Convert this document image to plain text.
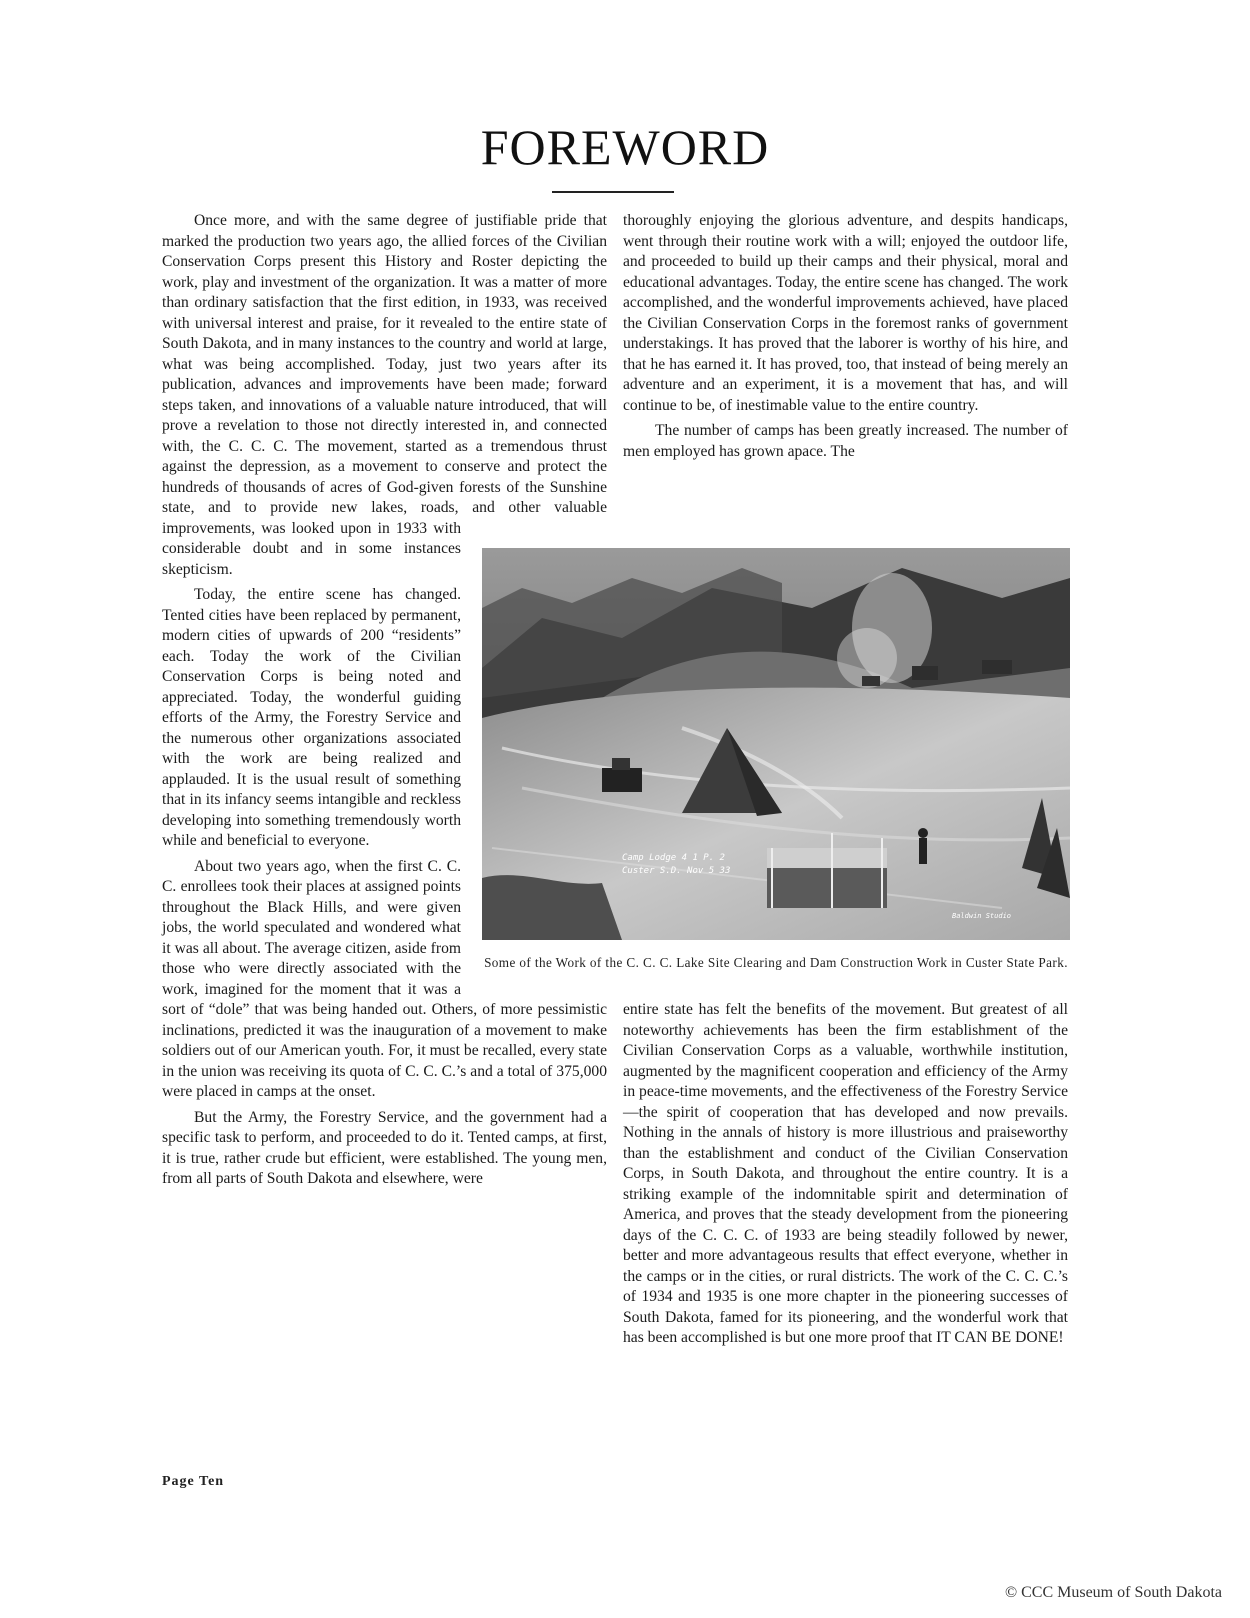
FOREWORD

Once more, and with the same degree of justifiable pride that marked the production two years ago, the allied forces of the Civilian Conservation Corps present this History and Roster depicting the work, play and investment of the organization. It was a matter of more than ordinary satisfaction that the first edition, in 1933, was received with universal interest and praise, for it revealed to the entire state of South Dakota, and in many instances to the country and world at large, what was being accomplished. Today, just two years after its publication, advances and improvements have been made; forward steps taken, and innovations of a valuable nature introduced, that will prove a revelation to those not directly interested in, and connected with, the C. C. C. The movement, started as a tremendous thrust against the depression, as a movement to conserve and protect the hundreds of thousands of acres of God-given forests of the Sunshine state, and to provide new lakes, roads, and other valuable improvements, was looked upon in 1933 with considerable doubt and in some instances skepticism.

Today, the entire scene has changed. Tented cities have been replaced by permanent, modern cities of upwards of 200 “residents” each. Today the work of the Civilian Conservation Corps is being noted and appreciated. Today, the wonderful guiding efforts of the Army, the Forestry Service and the numerous other organizations associated with the work are being realized and applauded. It is the usual result of something that in its infancy seems intangible and reckless developing into something tremendously worth while and beneficial to everyone.

About two years ago, when the first C. C. C. enrollees took their places at assigned points throughout the Black Hills, and were given jobs, the world speculated and wondered what it was all about. The average citizen, aside from those who were directly associated with the work, imagined for the moment that it was a sort of “dole” that was being handed out. Others, of more pessimistic inclinations, predicted it was the inauguration of a movement to make soldiers out of our American youth. For, it must be recalled, every state in the union was receiving its quota of C. C. C.’s and a total of 375,000 were placed in camps at the onset.

But the Army, the Forestry Service, and the government had a specific task to perform, and proceeded to do it. Tented camps, at first, it is true, rather crude but efficient, were established. The young men, from all parts of South Dakota and elsewhere, were

thoroughly enjoying the glorious adventure, and despits handicaps, went through their routine work with a will; enjoyed the outdoor life, and proceeded to build up their camps and their physical, moral and educational advantages. Today, the entire scene has changed. The work accomplished, and the wonderful improvements achieved, have placed the Civilian Conservation Corps in the foremost ranks of government understakings. It has proved that the laborer is worthy of his hire, and that he has earned it. It has proved, too, that instead of being merely an adventure and an experiment, it is a movement that has, and will continue to be, of inestimable value to the entire country.

The number of camps has been greatly increased. The number of men employed has grown apace. The

Camp Lodge 4 1 P. 2
Custer S.D. Nov 5 33
Baldwin Studio
Some of the Work of the C. C. C. Lake Site Clearing and Dam Construction Work in Custer State Park.

entire state has felt the benefits of the movement. But greatest of all noteworthy achievements has been the firm establishment of the Civilian Conservation Corps as a valuable, worthwhile institution, augmented by the magnificent cooperation and efficiency of the Army in peace-time movements, and the effectiveness of the Forestry Service—the spirit of cooperation that has developed and now prevails. Nothing in the annals of history is more illustrious and praiseworthy than the establishment and conduct of the Civilian Conservation Corps, in South Dakota, and throughout the entire country. It is a striking example of the indomnitable spirit and determination of America, and proves that the steady development from the pioneering days of the C. C. C. of 1933 are being steadily followed by newer, better and more advantageous results that effect everyone, whether in the camps or in the cities, or rural districts. The work of the C. C. C.’s of 1934 and 1935 is one more chapter in the pioneering successes of South Dakota, famed for its pioneering, and the wonderful work that has been accomplished is but one more proof that IT CAN BE DONE!

Page Ten
© CCC Museum of South Dakota
